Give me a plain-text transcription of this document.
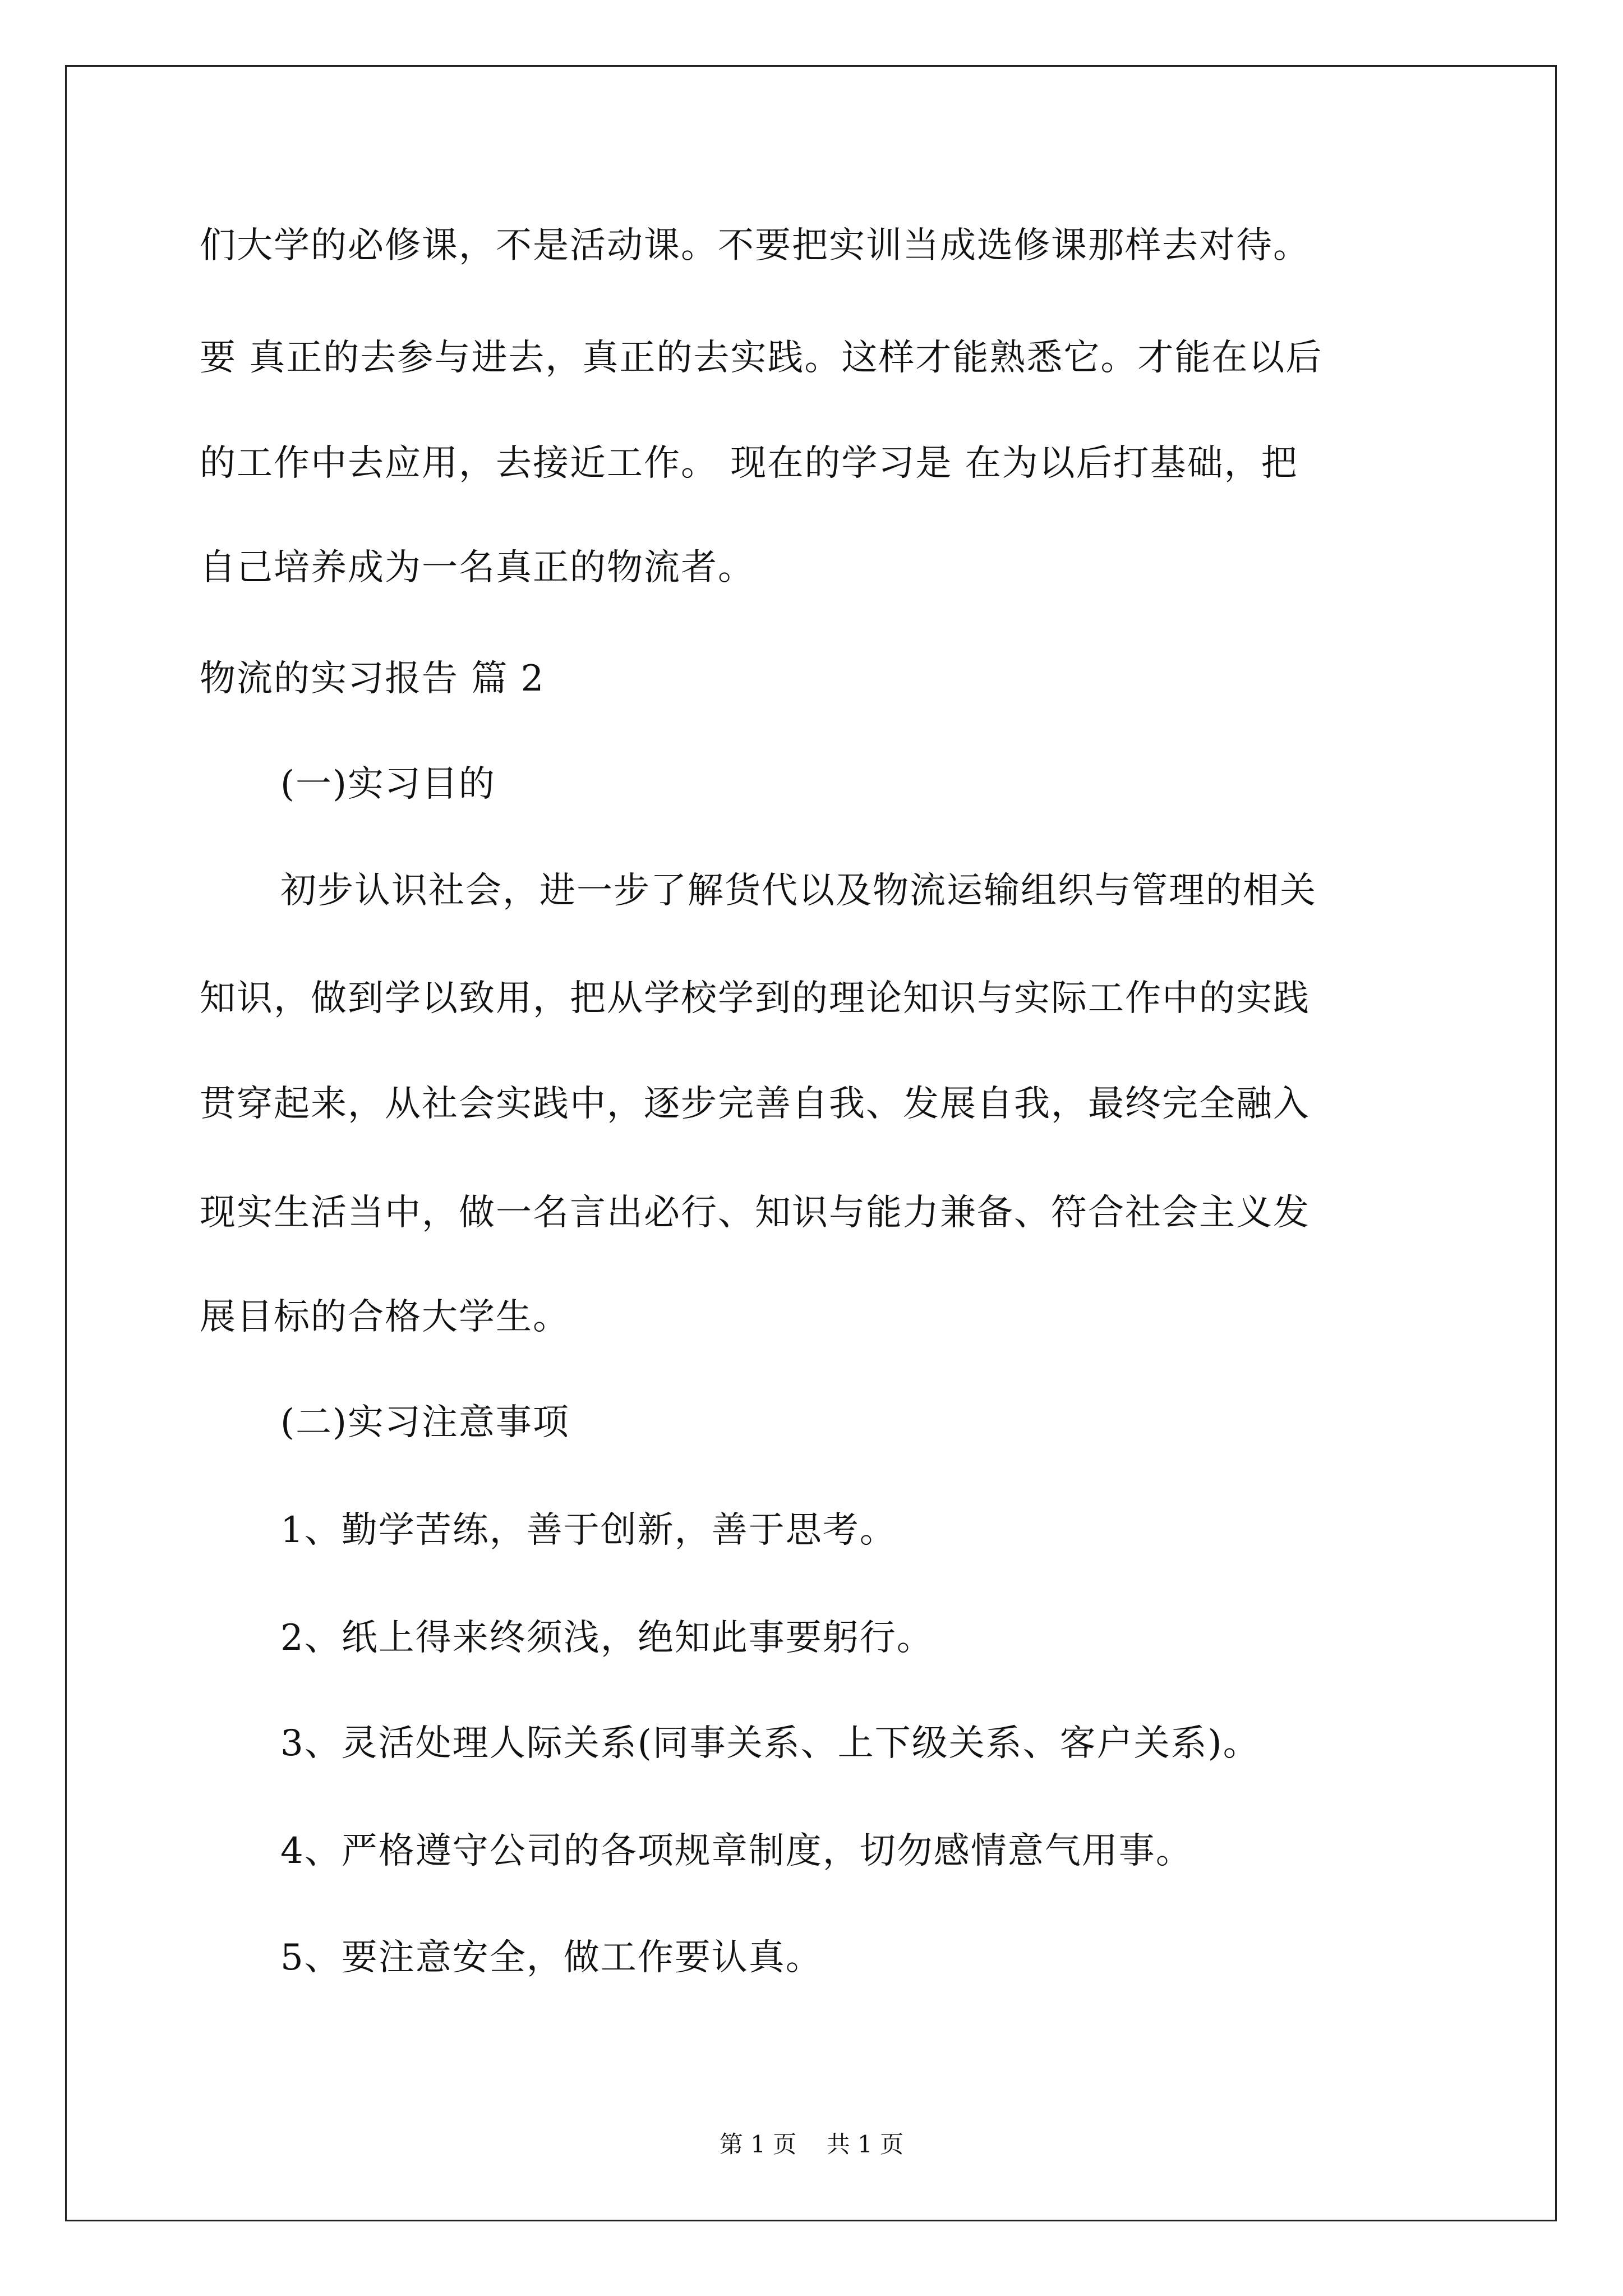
们大学的必修课，不是活动课。不要把实训当成选修课那样去对待。
要 真正的去参与进去，真正的去实践。这样才能熟悉它。才能在以后
的工作中去应用，去接近工作。 现在的学习是 在为以后打基础，把
自己培养成为一名真正的物流者。
物流的实习报告 篇 2
(一)实习目的
初步认识社会，进一步了解货代以及物流运输组织与管理的相关
知识，做到学以致用，把从学校学到的理论知识与实际工作中的实践
贯穿起来，从社会实践中，逐步完善自我、发展自我，最终完全融入
现实生活当中，做一名言出必行、知识与能力兼备、符合社会主义发
展目标的合格大学生。
(二)实习注意事项
1、勤学苦练，善于创新，善于思考。
2、纸上得来终须浅，绝知此事要躬行。
3、灵活处理人际关系(同事关系、上下级关系、客户关系)。
4、严格遵守公司的各项规章制度，切勿感情意气用事。
5、要注意安全，做工作要认真。
第 1 页    共 1 页
